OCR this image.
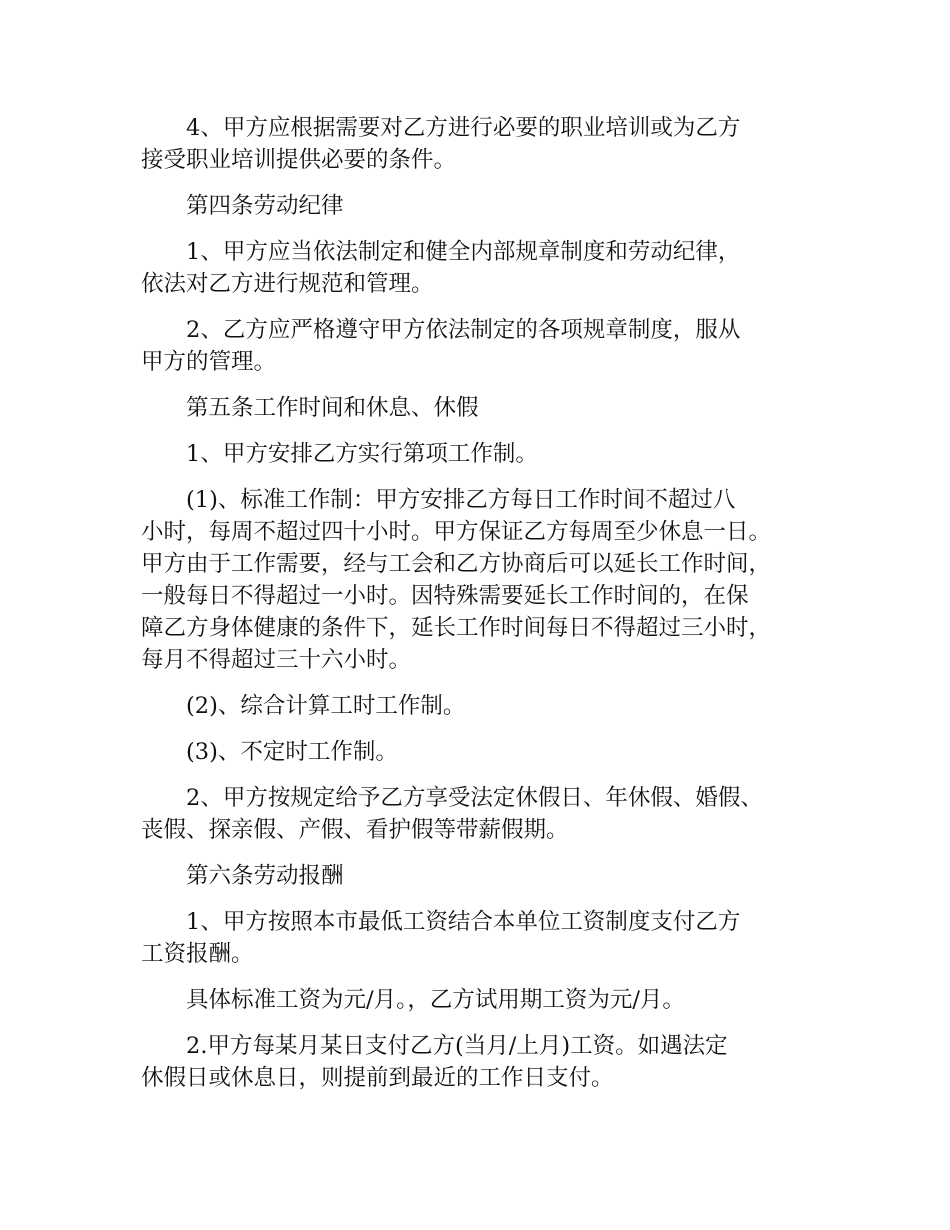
4、甲方应根据需要对乙方进行必要的职业培训或为乙方
接受职业培训提供必要的条件。

第四条劳动纪律

1、甲方应当依法制定和健全内部规章制度和劳动纪律，
依法对乙方进行规范和管理。

2、乙方应严格遵守甲方依法制定的各项规章制度，服从
甲方的管理。

第五条工作时间和休息、休假

1、甲方安排乙方实行第项工作制。

(1)、标准工作制：甲方安排乙方每日工作时间不超过八
小时，每周不超过四十小时。甲方保证乙方每周至少休息一日。
甲方由于工作需要，经与工会和乙方协商后可以延长工作时间，
一般每日不得超过一小时。因特殊需要延长工作时间的，在保
障乙方身体健康的条件下，延长工作时间每日不得超过三小时，
每月不得超过三十六小时。

(2)、综合计算工时工作制。

(3)、不定时工作制。

2、甲方按规定给予乙方享受法定休假日、年休假、婚假、
丧假、探亲假、产假、看护假等带薪假期。

第六条劳动报酬

1、甲方按照本市最低工资结合本单位工资制度支付乙方
工资报酬。

具体标准工资为元/月。，乙方试用期工资为元/月。

2.甲方每某月某日支付乙方(当月/上月)工资。如遇法定
休假日或休息日，则提前到最近的工作日支付。
